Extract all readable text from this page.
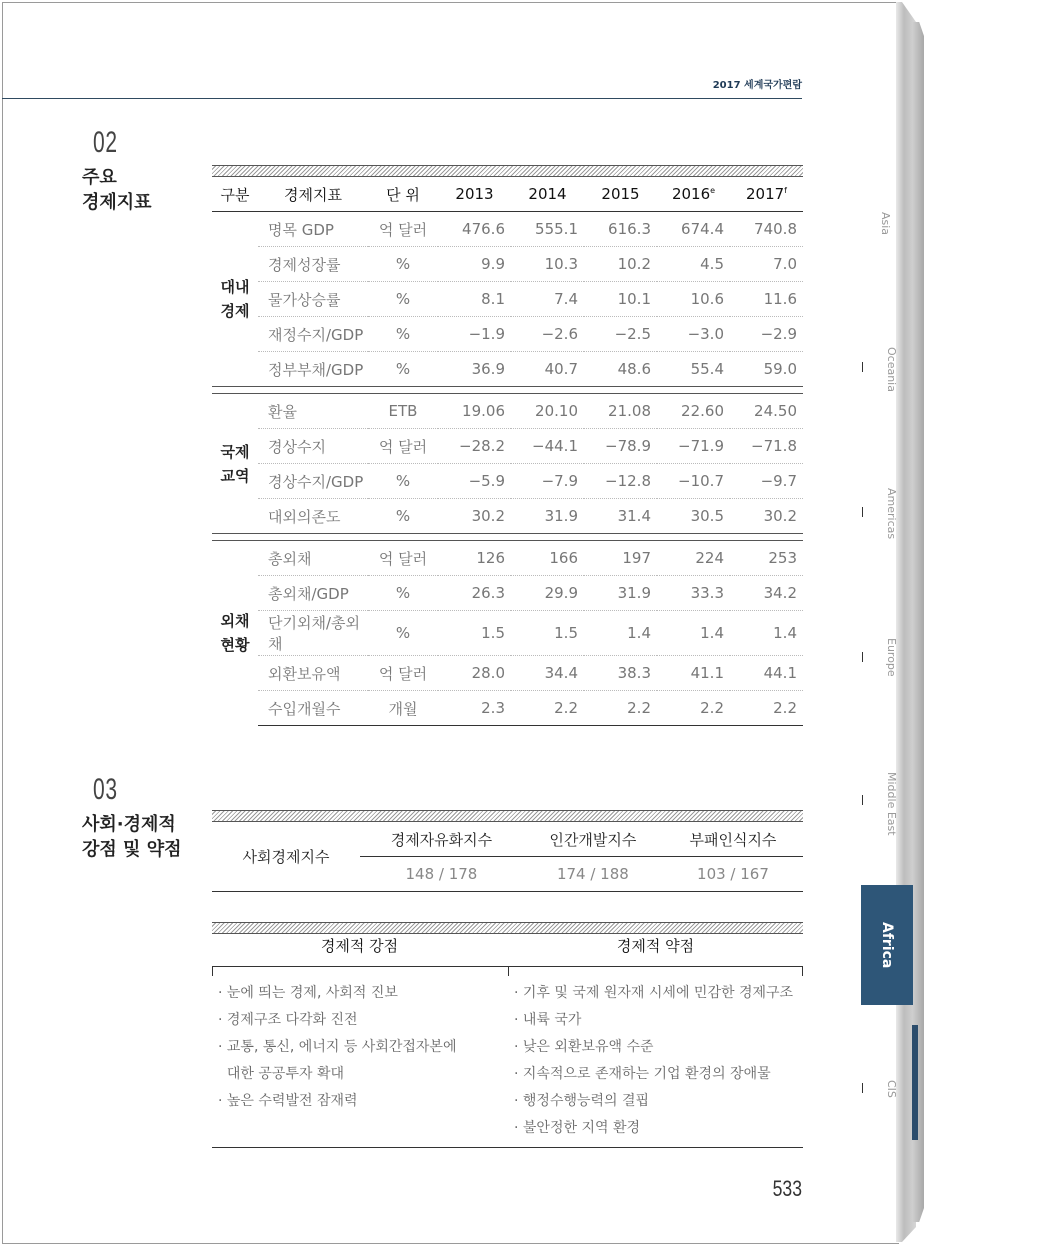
2017 세계국가편람
02
주요
경제지표	구분	경제지표	단 위	2013	2014	2015	2016e	2017$^f$

대내
경제	명목 GDP	억 달러	476.6	555.1	616.3	674.4	740.8
	경제성장률	%	9.9	10.3	10.2	4.5	7.0
	물가상승률	%	8.1	7.4	10.1	10.6	11.6
	재정수지/GDP	%	−1.9	−2.6	−2.5	−3.0	−2.9
	정부부채/GDP	%	36.9	40.7	48.6	55.4	59.0

국제
교역	환율	ETB	19.06	20.10	21.08	22.60	24.50
	경상수지	억 달러	−28.2	−44.1	−78.9	−71.9	−71.8
	경상수지/GDP	%	−5.9	−7.9	−12.8	−10.7	−9.7
	대외의존도	%	30.2	31.9	31.4	30.5	30.2

외채
현황	총외채	억 달러	126	166	197	224	253
	총외채/GDP	%	26.3	29.9	31.9	33.3	34.2
	단기외채/총외채	%	1.5	1.5	1.4	1.4	1.4
	외환보유액	억 달러	28.0	34.4	38.3	41.1	44.1
	수입개월수	개월	2.3	2.2	2.2	2.2	2.2
Asia
Oceania
Americas
Europe
Middle East
Africa
CIS
03
사회·경제적
강점 및 약점	사회경제지수	경제자유화지수	인간개발지수	부패인식지수
	148 / 178	174 / 188	103 / 167
경제적 강점	경제적 약점
· 눈에 띄는 경제, 사회적 진보
· 경제구조 다각화 진전
· 교통, 통신, 에너지 등 사회간접자본에
대한 공공투자 확대
· 높은 수력발전 잠재력
· 기후 및 국제 원자재 시세에 민감한 경제구조
· 내륙 국가
· 낮은 외환보유액 수준
· 지속적으로 존재하는 기업 환경의 장애물
· 행정수행능력의 결핍
· 불안정한 지역 환경
533
